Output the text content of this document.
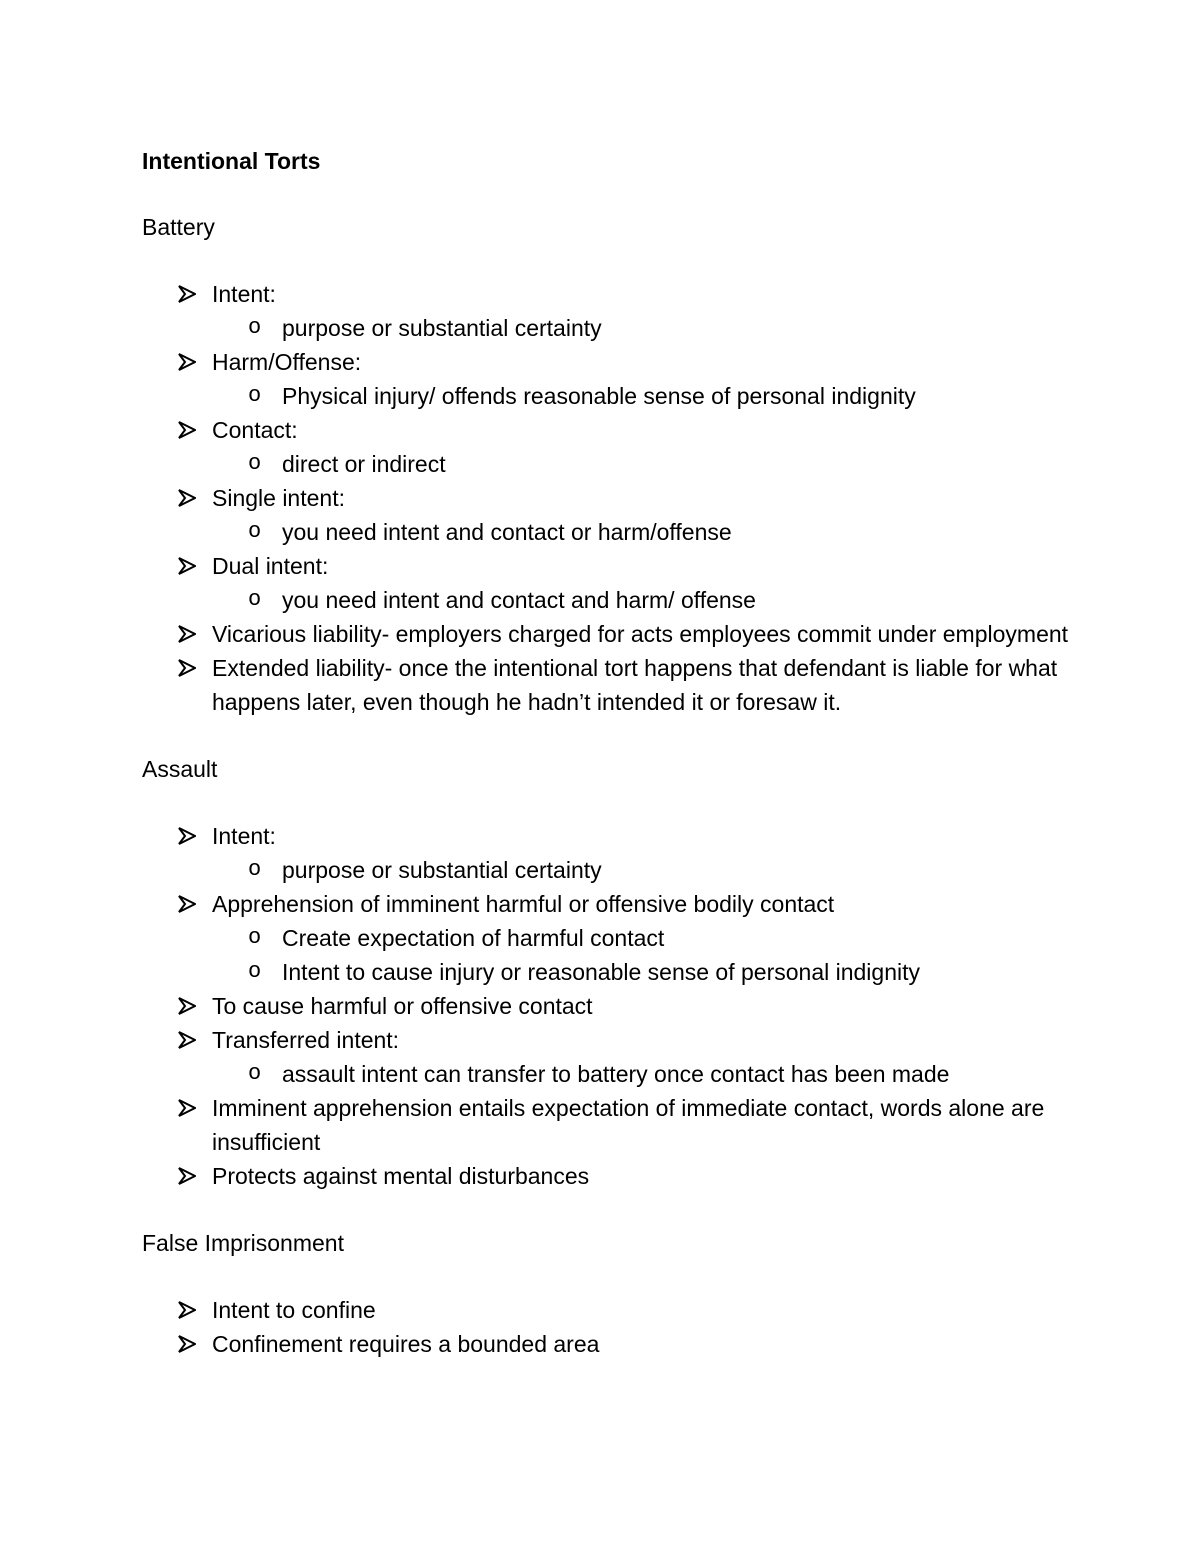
Intentional Torts
Battery
Intent:
o purpose or substantial certainty
Harm/Offense:
o Physical injury/ offends reasonable sense of personal indignity
Contact:
o direct or indirect
Single intent:
o you need intent and contact or harm/offense
Dual intent:
o you need intent and contact and harm/ offense
Vicarious liability- employers charged for acts employees commit under employment
Extended liability- once the intentional tort happens that defendant is liable for what happens later, even though he hadn’t intended it or foresaw it.
Assault
Intent:
o purpose or substantial certainty
Apprehension of imminent harmful or offensive bodily contact
o Create expectation of harmful contact
o Intent to cause injury or reasonable sense of personal indignity
To cause harmful or offensive contact
Transferred intent:
o assault intent can transfer to battery once contact has been made
Imminent apprehension entails expectation of immediate contact, words alone are insufficient
Protects against mental disturbances
False Imprisonment
Intent to confine
Confinement requires a bounded area
